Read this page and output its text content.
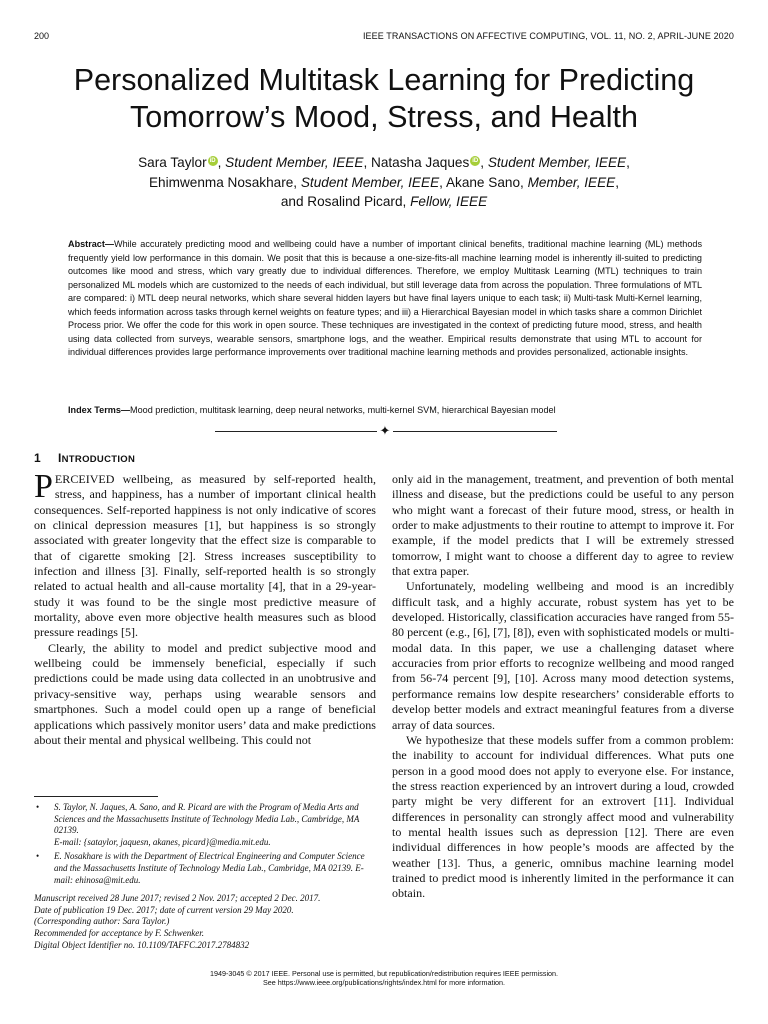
200	IEEE TRANSACTIONS ON AFFECTIVE COMPUTING, VOL. 11, NO. 2, APRIL-JUNE 2020
Personalized Multitask Learning for Predicting
Tomorrow’s Mood, Stress, and Health
Sara Taylor iD , Student Member, IEEE, Natasha Jaques iD , Student Member, IEEE,
Ehimwenma Nosakhare, Student Member, IEEE, Akane Sano, Member, IEEE,
and Rosalind Picard, Fellow, IEEE

Abstract—While accurately predicting mood and wellbeing could have a number of important clinical benefits, traditional machine learning (ML) methods frequently yield low performance in this domain. We posit that this is because a one-size-fits-all machine learning model is inherently ill-suited to predicting outcomes like mood and stress, which vary greatly due to individual differences. Therefore, we employ Multitask Learning (MTL) techniques to train personalized ML models which are customized to the needs of each individual, but still leverage data from across the population. Three formulations of MTL are compared: i) MTL deep neural networks, which share several hidden layers but have final layers unique to each task; ii) Multi-task Multi-Kernel learning, which feeds information across tasks through kernel weights on feature types; and iii) a Hierarchical Bayesian model in which tasks share a common Dirichlet Process prior. We offer the code for this work in open source. These techniques are investigated in the context of predicting future mood, stress, and health using data collected from surveys, wearable sensors, smartphone logs, and the weather. Empirical results demonstrate that using MTL to account for individual differences provides large performance improvements over traditional machine learning methods and provides personalized, actionable insights.

Index Terms—Mood prediction, multitask learning, deep neural networks, multi-kernel SVM, hierarchical Bayesian model

✦
1 INTRODUCTION

PERCEIVED wellbeing, as measured by self-reported health, stress, and happiness, has a number of important clinical health consequences. Self-reported happiness is not only indicative of scores on clinical depression measures [1], but happiness is so strongly associated with greater longevity that the effect size is comparable to that of cigarette smoking [2]. Stress increases susceptibility to infection and illness [3]. Finally, self-reported health is so strongly related to actual health and all-cause mortality [4], that in a 29-year-study it was found to be the single most predictive measure of mortality, above even more objective health measures such as blood pressure readings [5].

Clearly, the ability to model and predict subjective mood and wellbeing could be immensely beneficial, especially if such predictions could be made using data collected in an unobtrusive and privacy-sensitive way, perhaps using wearable sensors and smartphones. Such a model could open up a range of beneficial applications which passively monitor users’ data and make predictions about their mental and physical wellbeing. This could not

only aid in the management, treatment, and prevention of both mental illness and disease, but the predictions could be useful to any person who might want a forecast of their future mood, stress, or health in order to make adjustments to their routine to attempt to improve it. For example, if the model predicts that I will be extremely stressed tomorrow, I might want to choose a different day to agree to review that extra paper.

Unfortunately, modeling wellbeing and mood is an incredibly difficult task, and a highly accurate, robust system has yet to be developed. Historically, classification accuracies have ranged from 55-80 percent (e.g., [6], [7], [8]), even with sophisticated models or multi-modal data. In this paper, we use a challenging dataset where accuracies from prior efforts to recognize wellbeing and mood ranged from 56-74 percent [9], [10]. Across many mood detection systems, performance remains low despite researchers’ considerable efforts to develop better models and extract meaningful features from a diverse array of data sources.

We hypothesize that these models suffer from a common problem: the inability to account for individual differences. What puts one person in a good mood does not apply to everyone else. For instance, the stress reaction experienced by an introvert during a loud, crowded party might be very different for an extrovert [11]. Individual differences in personality can strongly affect mood and vulnerability to mental health issues such as depression [12]. There are even individual differences in how people’s moods are affected by the weather [13]. Thus, a generic, omnibus machine learning model trained to predict mood is inherently limited in the performance it can obtain.

• S. Taylor, N. Jaques, A. Sano, and R. Picard are with the Program of Media Arts and Sciences and the Massachusetts Institute of Technology Media Lab., Cambridge, MA 02139.
E-mail: {sataylor, jaquesn, akanes, picard}@media.mit.edu.
• E. Nosakhare is with the Department of Electrical Engineering and Computer Science and the Massachusetts Institute of Technology Media Lab., Cambridge, MA 02139. E-mail: ehinosa@mit.edu.

Manuscript received 28 June 2017; revised 2 Nov. 2017; accepted 2 Dec. 2017.

Date of publication 19 Dec. 2017; date of current version 29 May 2020.

(Corresponding author: Sara Taylor.)

Recommended for acceptance by F. Schwenker.

Digital Object Identifier no. 10.1109/TAFFC.2017.2784832

1949-3045 © 2017 IEEE. Personal use is permitted, but republication/redistribution requires IEEE permission.
See https://www.ieee.org/publications/rights/index.html for more information.
